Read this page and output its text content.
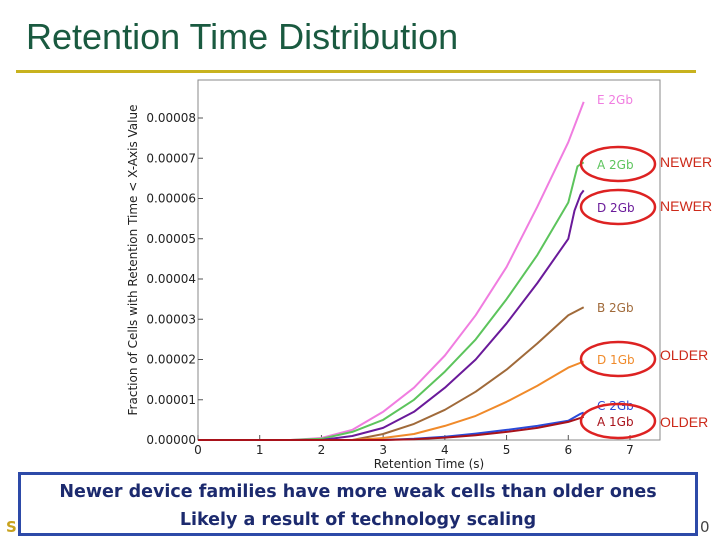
Retention Time Distribution
0.00000
0.00001
0.00002
0.00003
0.00004
0.00005
0.00006
0.00007
0.00008
0	1	2	3	4	5	6	7
E 2Gb
A 2Gb
D 2Gb
B 2Gb
D 1Gb
C 2Gb
A 1Gb
Retention Time (s)
Fraction of Cells with Retention Time < X-Axis Value	NEWER
NEWER
OLDER
OLDER
S	0

Newer device families have more weak cells than older ones

Likely a result of technology scaling
